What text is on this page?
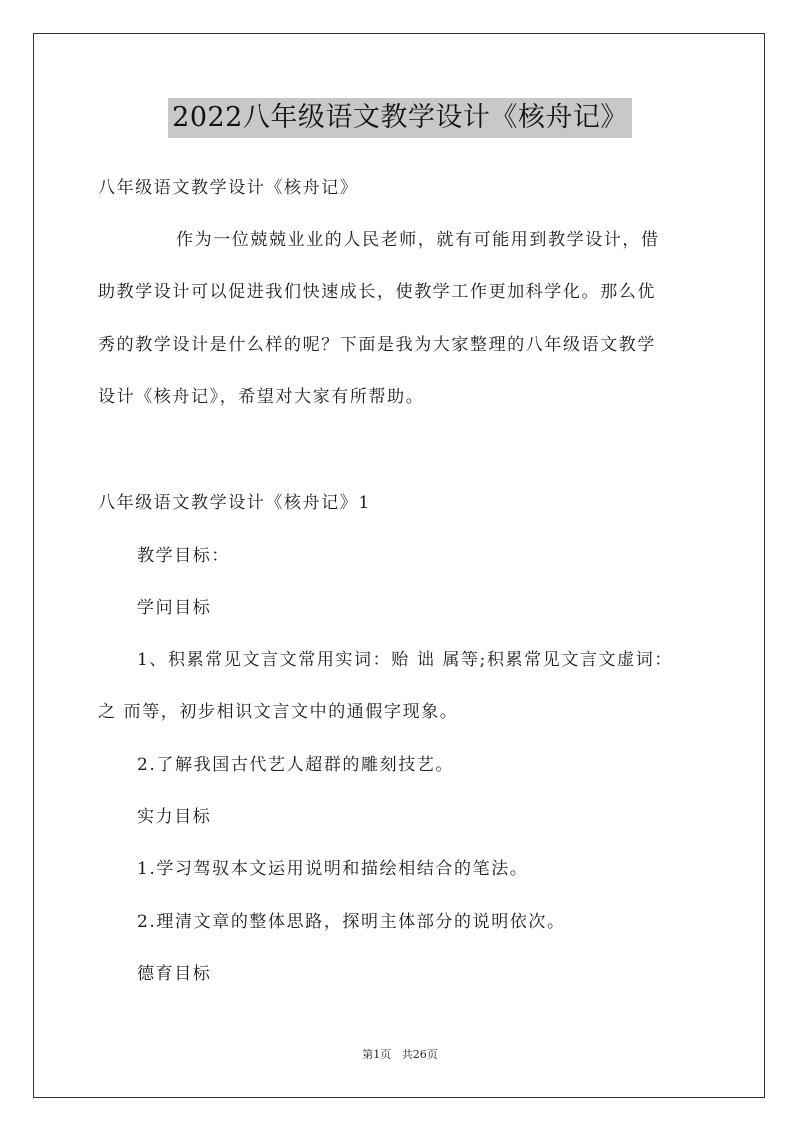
2022八年级语文教学设计《核舟记》
八年级语文教学设计《核舟记》
作为一位兢兢业业的人民老师，就有可能用到教学设计，借
助教学设计可以促进我们快速成长，使教学工作更加科学化。那么优
秀的教学设计是什么样的呢？下面是我为大家整理的八年级语文教学
设计《核舟记》，希望对大家有所帮助。
八年级语文教学设计《核舟记》1
教学目标：
学问目标
1、积累常见文言文常用实词：贻 诎 属等;积累常见文言文虚词：
之 而等，初步相识文言文中的通假字现象。
2.了解我国古代艺人超群的雕刻技艺。
实力目标
1.学习驾驭本文运用说明和描绘相结合的笔法。
2.理清文章的整体思路，探明主体部分的说明依次。
德育目标
第1页   共26页
